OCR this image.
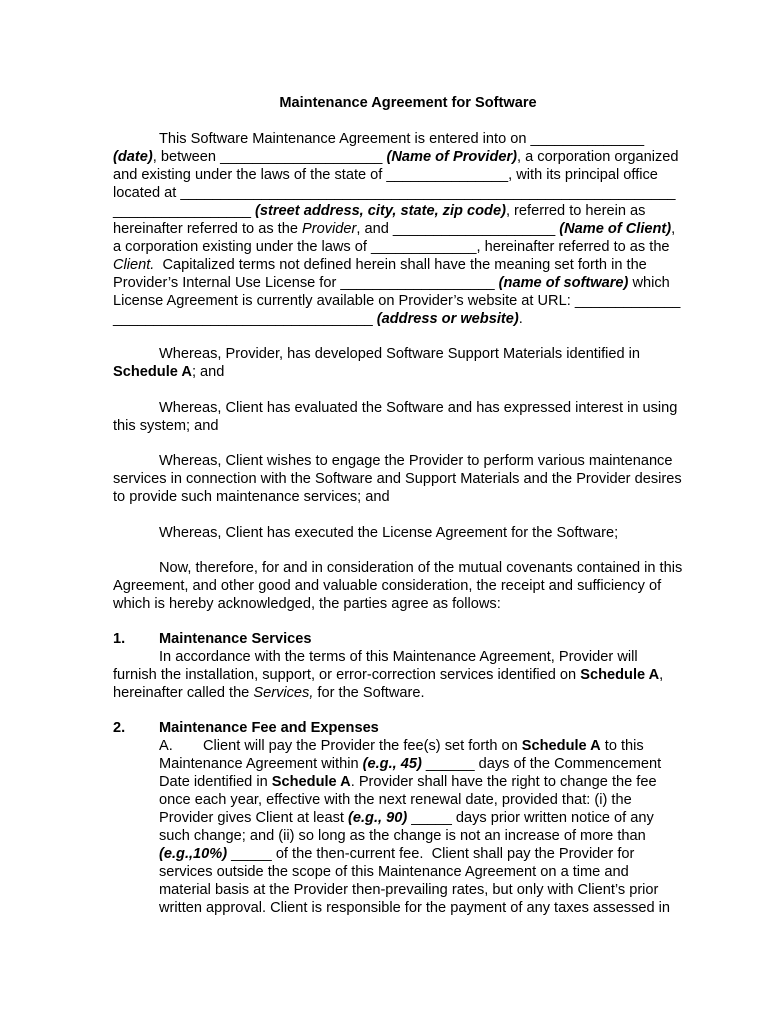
Maintenance Agreement for Software
This Software Maintenance Agreement is entered into on ______________
(date), between ____________________ (Name of Provider), a corporation organized
and existing under the laws of the state of _______________, with its principal office
located at _____________________________________________________________
_________________ (street address, city, state, zip code), referred to herein as
hereinafter referred to as the Provider, and ____________________ (Name of Client),
a corporation existing under the laws of _____________, hereinafter referred to as the
Client.  Capitalized terms not defined herein shall have the meaning set forth in the
Provider’s Internal Use License for ___________________ (name of software) which
License Agreement is currently available on Provider’s website at URL: _____________
________________________________ (address or website).
Whereas, Provider, has developed Software Support Materials identified in
Schedule A; and
Whereas, Client has evaluated the Software and has expressed interest in using
this system; and
Whereas, Client wishes to engage the Provider to perform various maintenance
services in connection with the Software and Support Materials and the Provider desires
to provide such maintenance services; and
Whereas, Client has executed the License Agreement for the Software;
Now, therefore, for and in consideration of the mutual covenants contained in this
Agreement, and other good and valuable consideration, the receipt and sufficiency of
which is hereby acknowledged, the parties agree as follows:
1. Maintenance Services
In accordance with the terms of this Maintenance Agreement, Provider will
furnish the installation, support, or error-correction services identified on Schedule A,
hereinafter called the Services, for the Software.
2. Maintenance Fee and Expenses
A. Client will pay the Provider the fee(s) set forth on Schedule A to this
Maintenance Agreement within (e.g., 45) ______ days of the Commencement
Date identified in Schedule A. Provider shall have the right to change the fee
once each year, effective with the next renewal date, provided that: (i) the
Provider gives Client at least (e.g., 90) _____ days prior written notice of any
such change; and (ii) so long as the change is not an increase of more than
(e.g.,10%) _____ of the then-current fee.  Client shall pay the Provider for
services outside the scope of this Maintenance Agreement on a time and
material basis at the Provider then-prevailing rates, but only with Client’s prior
written approval. Client is responsible for the payment of any taxes assessed in
